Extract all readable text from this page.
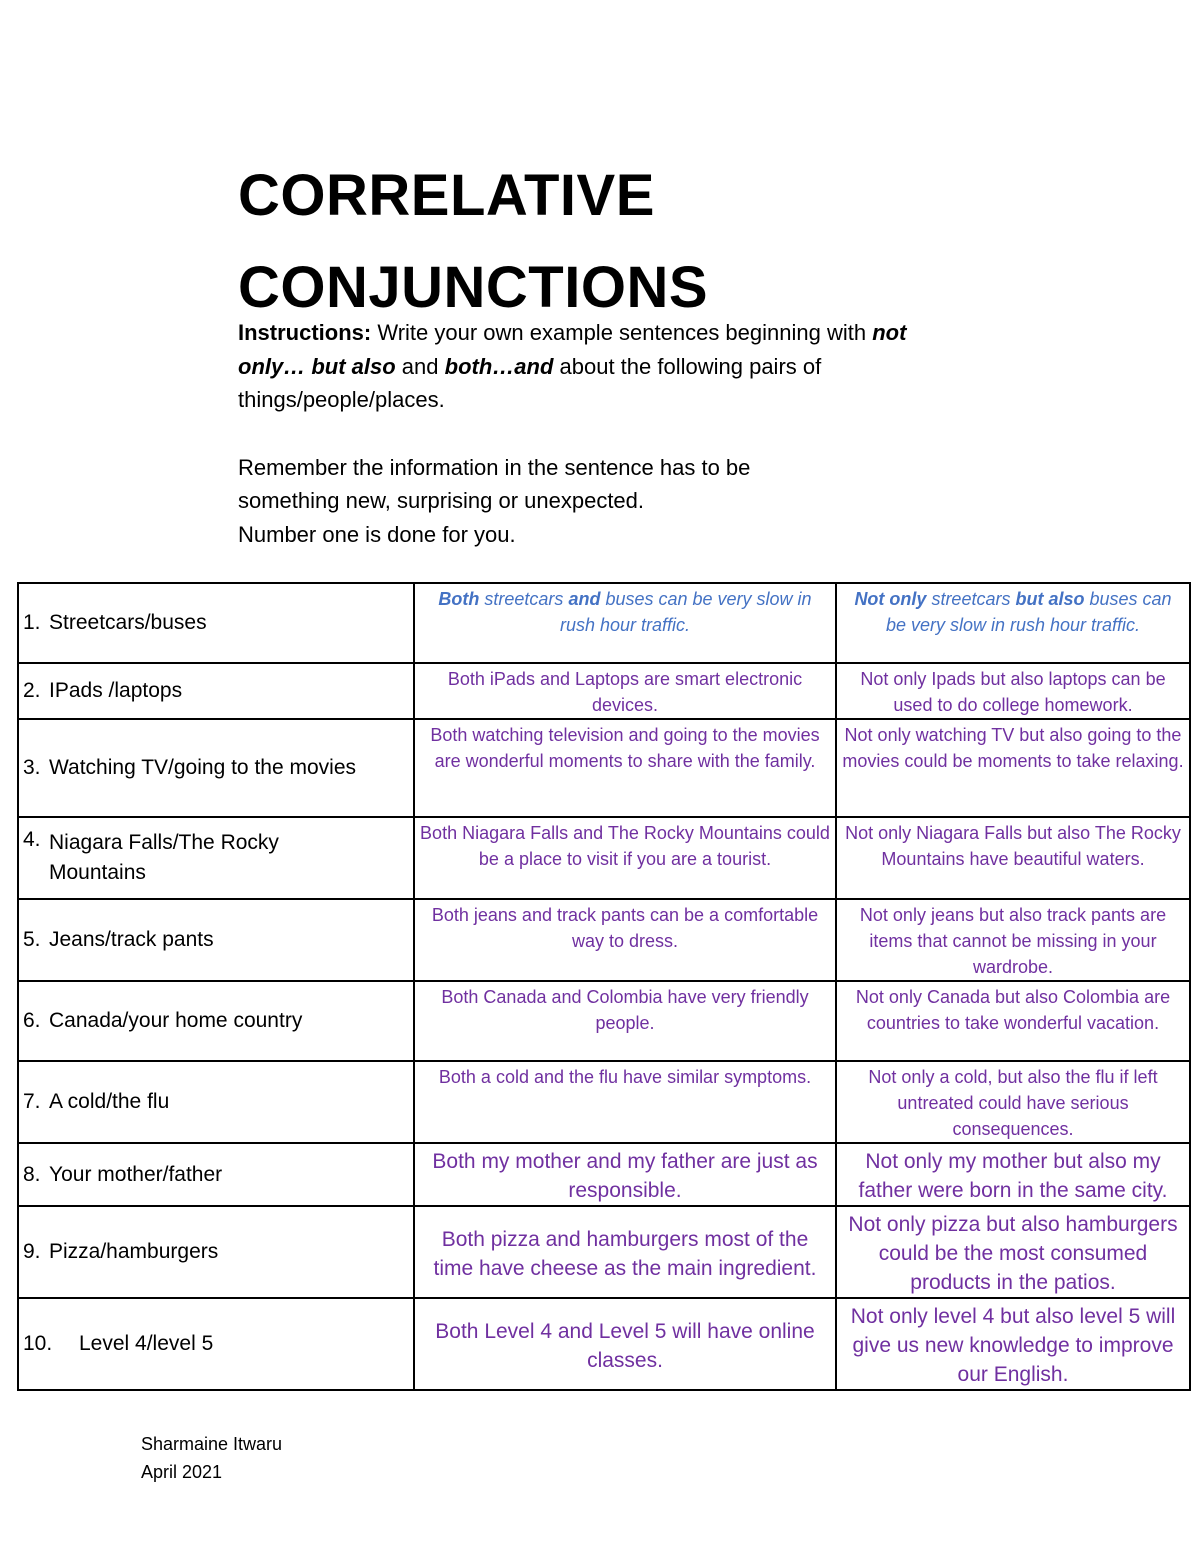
CORRELATIVE
CONJUNCTIONS

Instructions: Write your own example sentences beginning with not only… but also and both…and about the following pairs of things/people/places.

Remember the information in the sentence has to be

something new, surprising or unexpected.

Number one is done for you.

1. Streetcars/buses	Both streetcars and buses can be very slow in rush hour traffic.	Not only streetcars but also buses can be very slow in rush hour traffic.

2. IPads /laptops	Both iPads and Laptops are smart electronic devices.	Not only Ipads but also laptops can be used to do college homework.

3. Watching TV/going to the movies	Both watching television and going to the movies are wonderful moments to share with the family.	Not only watching TV but also going to the movies could be moments to take relaxing.

4. Niagara Falls/The Rocky Mountains	Both Niagara Falls and The Rocky Mountains could be a place to visit if you are a tourist.	Not only Niagara Falls but also The Rocky Mountains have beautiful waters.

5. Jeans/track pants	Both jeans and track pants can be a comfortable way to dress.	Not only jeans but also track pants are items that cannot be missing in your wardrobe.

6. Canada/your home country	Both Canada and Colombia have very friendly people.	Not only Canada but also Colombia are countries to take wonderful vacation.

7. A cold/the flu	Both a cold and the flu have similar symptoms.	Not only a cold, but also the flu if left untreated could have serious consequences.

8. Your mother/father	Both my mother and my father are just as responsible.	Not only my mother but also my father were born in the same city.

9. Pizza/hamburgers	Both pizza and hamburgers most of the time have cheese as the main ingredient.	Not only pizza but also hamburgers could be the most consumed products in the patios.

10. Level 4/level 5	Both Level 4 and Level 5 will have online classes.	Not only level 4 but also level 5 will give us new knowledge to improve our English.
Sharmaine Itwaru
April 2021
